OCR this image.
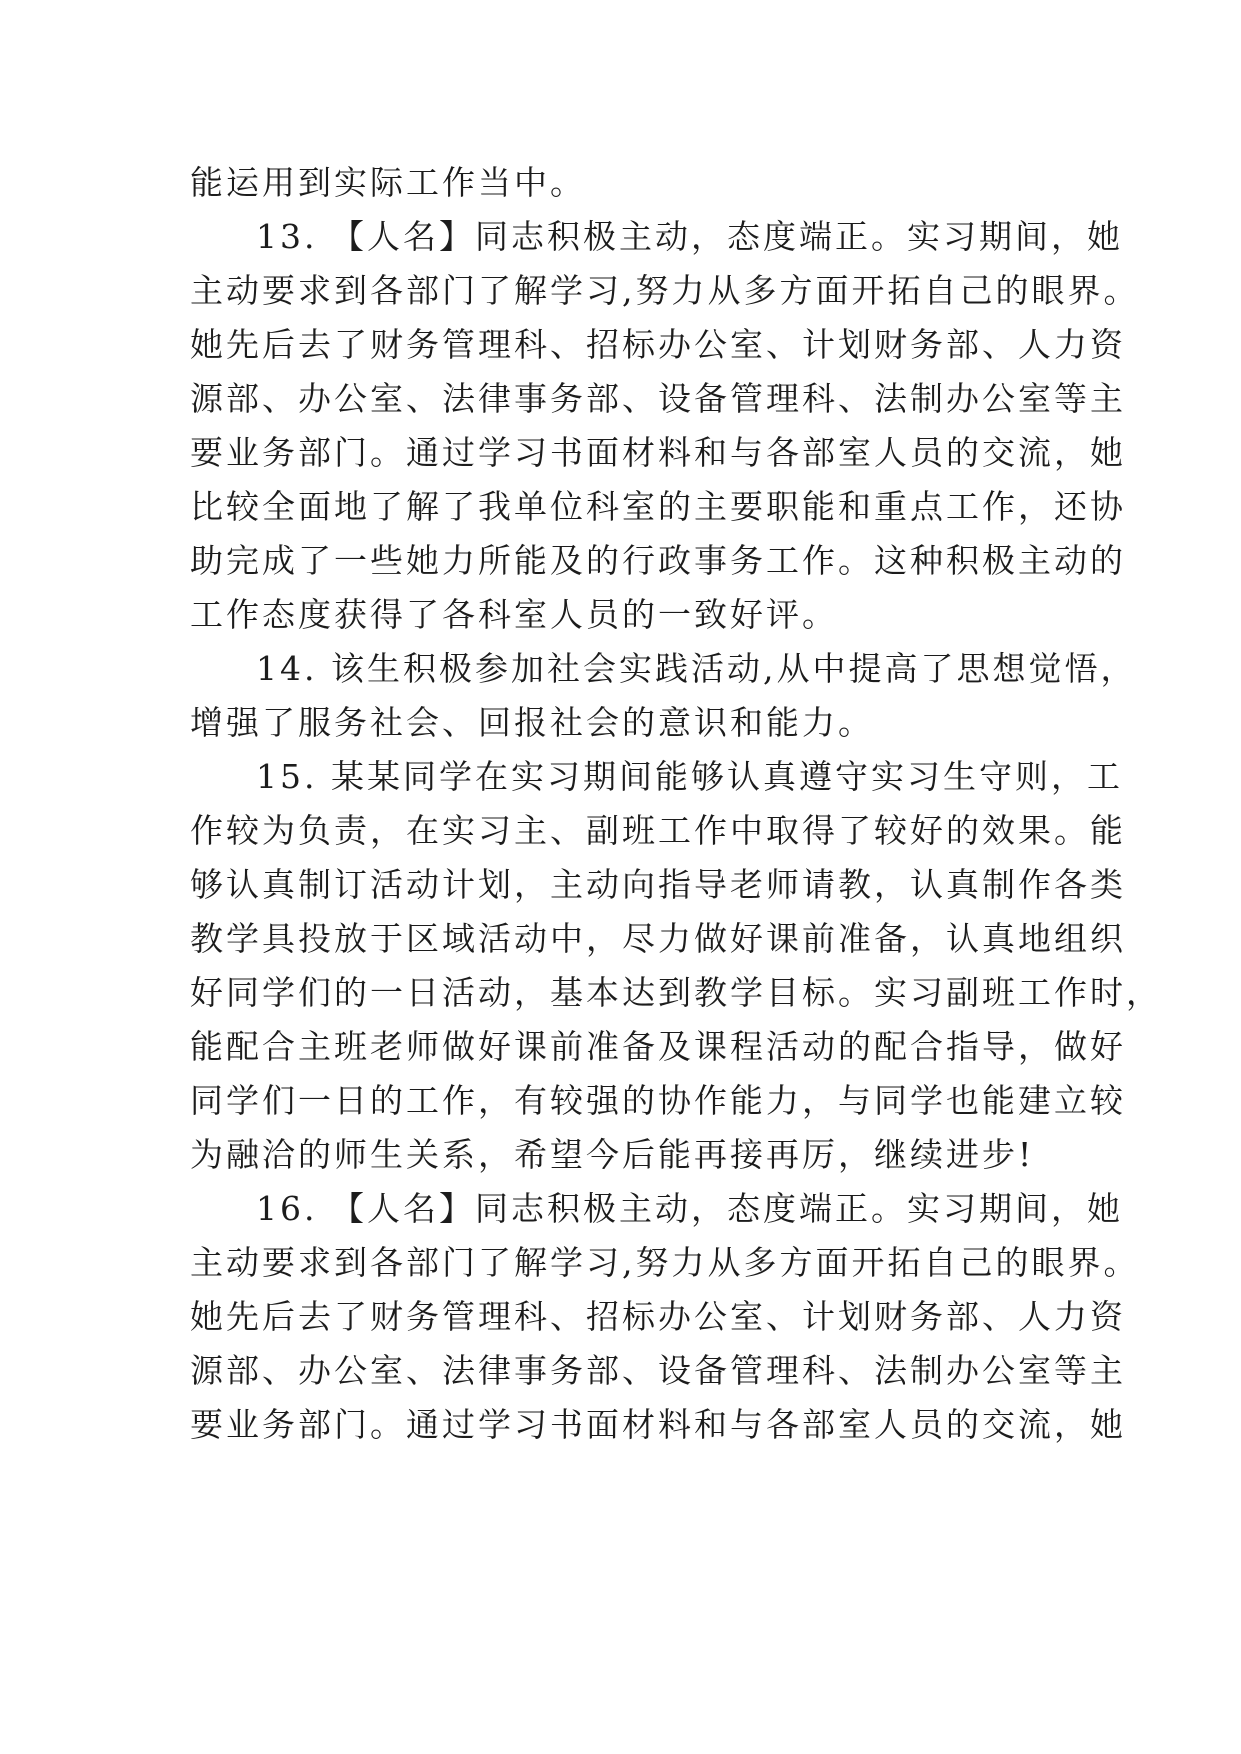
能运用到实际工作当中。
13. 【人名】同志积极主动，态度端正。实习期间，她
主动要求到各部门了解学习,努力从多方面开拓自己的眼界。
她先后去了财务管理科、招标办公室、计划财务部、人力资
源部、办公室、法律事务部、设备管理科、法制办公室等主
要业务部门。通过学习书面材料和与各部室人员的交流，她
比较全面地了解了我单位科室的主要职能和重点工作，还协
助完成了一些她力所能及的行政事务工作。这种积极主动的
工作态度获得了各科室人员的一致好评。
14. 该生积极参加社会实践活动,从中提高了思想觉悟，
增强了服务社会、回报社会的意识和能力。
15. 某某同学在实习期间能够认真遵守实习生守则，工
作较为负责，在实习主、副班工作中取得了较好的效果。能
够认真制订活动计划，主动向指导老师请教，认真制作各类
教学具投放于区域活动中，尽力做好课前准备，认真地组织
好同学们的一日活动，基本达到教学目标。实习副班工作时，
能配合主班老师做好课前准备及课程活动的配合指导，做好
同学们一日的工作，有较强的协作能力，与同学也能建立较
为融洽的师生关系，希望今后能再接再厉，继续进步!
16. 【人名】同志积极主动，态度端正。实习期间，她
主动要求到各部门了解学习,努力从多方面开拓自己的眼界。
她先后去了财务管理科、招标办公室、计划财务部、人力资
源部、办公室、法律事务部、设备管理科、法制办公室等主
要业务部门。通过学习书面材料和与各部室人员的交流，她
